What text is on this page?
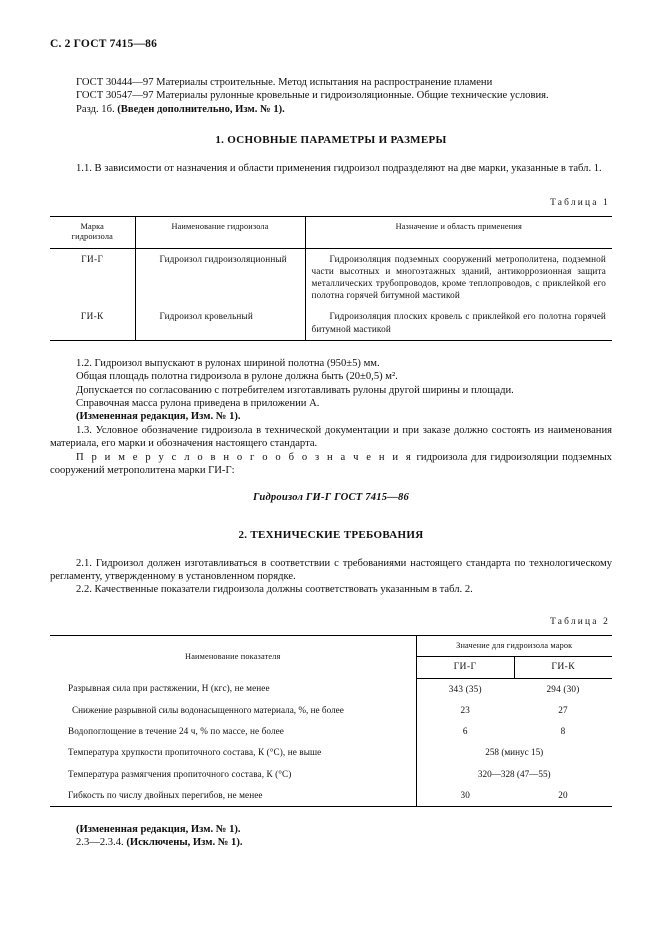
С. 2 ГОСТ 7415—86

ГОСТ 30444—97 Материалы строительные. Метод испытания на распространение пламени

ГОСТ 30547—97 Материалы рулонные кровельные и гидроизоляционные. Общие технические условия.

Разд. 1б. (Введен дополнительно, Изм. № 1).

1. ОСНОВНЫЕ ПАРАМЕТРЫ И РАЗМЕРЫ

1.1. В зависимости от назначения и области применения гидроизол подразделяют на две марки, указанные в табл. 1.

Таблица 1
Марка
гидроизола	Наименование гидроизола	Назначение и область применения
ГИ-Г	Гидроизол гидроизоляционный	Гидроизоляция подземных сооружений метрополитена, подземной части высотных и многоэтажных зданий, антикоррозионная защита металлических трубопроводов, кроме теплопроводов, с приклейкой его полотна горячей битумной мастикой
ГИ-К	Гидроизол кровельный	Гидроизоляция плоских кровель с приклейкой его полотна горячей битумной мастикой

1.2. Гидроизол выпускают в рулонах шириной полотна (950±5) мм.

Общая площадь полотна гидроизола в рулоне должна быть (20±0,5) м².

Допускается по согласованию с потребителем изготавливать рулоны другой ширины и площади.

Справочная масса рулона приведена в приложении А.

(Измененная редакция, Изм. № 1).

1.3. Условное обозначение гидроизола в технической документации и при заказе должно состоять из наименования материала, его марки и обозначения настоящего стандарта.

П р и м е р у с л о в н о г о о б о з н а ч е н и я гидроизола для гидроизоляции подземных сооружений метрополитена марки ГИ-Г:

Гидроизол ГИ-Г ГОСТ 7415—86

2. ТЕХНИЧЕСКИЕ ТРЕБОВАНИЯ

2.1. Гидроизол должен изготавливаться в соответствии с требованиями настоящего стандарта по технологическому регламенту, утвержденному в установленном порядке.

2.2. Качественные показатели гидроизола должны соответствовать указанным в табл. 2.

Таблица 2
Наименование показателя	Значение для гидроизола марок	
	ГИ-Г	ГИ-К
Разрывная сила при растяжении, Н (кгс), не менее	343 (35)	294 (30)
Снижение разрывной силы водонасыщенного материала, %, не более	23	27
Водопоглощение в течение 24 ч, % по массе, не более	6	8
Температура хрупкости пропиточного состава, К (°С), не выше	258 (минус 15)	
Температура размягчения пропиточного состава, К (°С)	320—328 (47—55)	
Гибкость по числу двойных перегибов, не менее	30	20

(Измененная редакция, Изм. № 1).

2.3—2.3.4. (Исключены, Изм. № 1).
